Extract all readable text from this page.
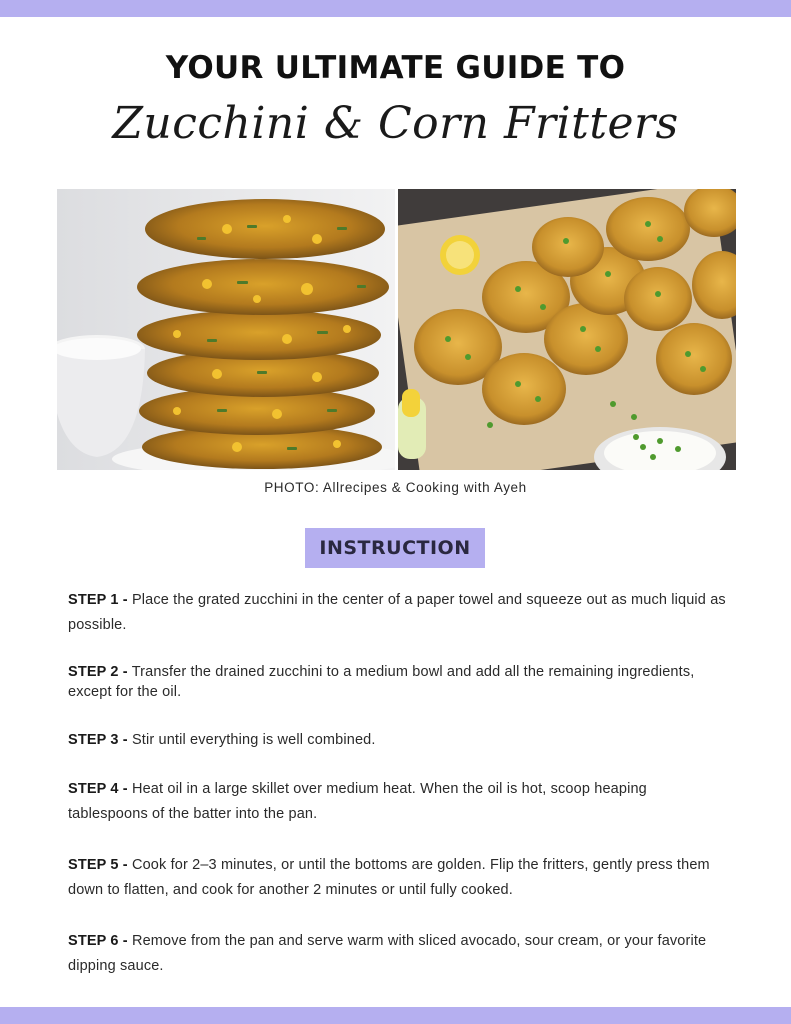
YOUR ULTIMATE GUIDE TO
Zucchini & Corn Fritters
PHOTO: Allrecipes & Cooking with Ayeh
INSTRUCTION

STEP 1 - Place the grated zucchini in the center of a paper towel and squeeze out as much liquid as possible.

STEP 2 - Transfer the drained zucchini to a medium bowl and add all the remaining ingredients, except for the oil.

STEP 3 - Stir until everything is well combined.

STEP 4 - Heat oil in a large skillet over medium heat. When the oil is hot, scoop heaping tablespoons of the batter into the pan.

STEP 5 - Cook for 2–3 minutes, or until the bottoms are golden. Flip the fritters, gently press them down to flatten, and cook for another 2 minutes or until fully cooked.

STEP 6 - Remove from the pan and serve warm with sliced avocado, sour cream, or your favorite dipping sauce.
